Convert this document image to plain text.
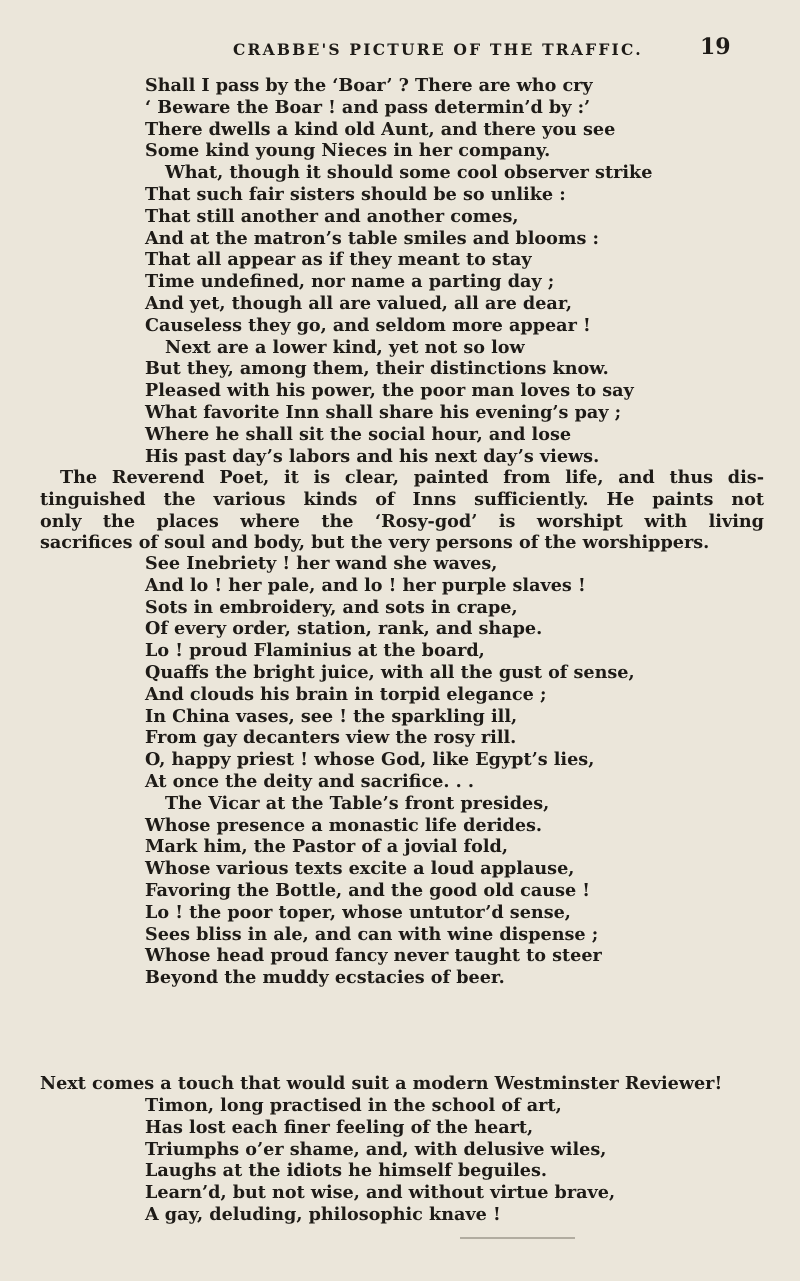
CRABBE'S PICTURE OF THE TRAFFIC.	19
Shall I pass by the ‘Boar’ ? There are who cry
‘ Beware the Boar ! and pass determin’d by :’
There dwells a kind old Aunt, and there you see
Some kind young Nieces in her company.
What, though it should some cool observer strike
That such fair sisters should be so unlike :
That still another and another comes,
And at the matron’s table smiles and blooms :
That all appear as if they meant to stay
Time undefined, nor name a parting day ;
And yet, though all are valued, all are dear,
Causeless they go, and seldom more appear !
Next are a lower kind, yet not so low
But they, among them, their distinctions know.
Pleased with his power, the poor man loves to say
What favorite Inn shall share his evening’s pay ;
Where he shall sit the social hour, and lose
His past day’s labors and his next day’s views.
The Reverend Poet, it is clear, painted from life, and thus dis-
tinguished the various kinds of Inns sufficiently. He paints not
only the places where the ‘Rosy-god’ is worshipt with living
sacrifices of soul and body, but the very persons of the worshippers.
See Inebriety ! her wand she waves,
And lo ! her pale, and lo ! her purple slaves !
Sots in embroidery, and sots in crape,
Of every order, station, rank, and shape.
Lo ! proud Flaminius at the board,
Quaffs the bright juice, with all the gust of sense,
And clouds his brain in torpid elegance ;
In China vases, see ! the sparkling ill,
From gay decanters view the rosy rill.
O, happy priest ! whose God, like Egypt’s lies,
At once the deity and sacrifice. . .
The Vicar at the Table’s front presides,
Whose presence a monastic life derides.
Mark him, the Pastor of a jovial fold,
Whose various texts excite a loud applause,
Favoring the Bottle, and the good old cause !
Lo ! the poor toper, whose untutor’d sense,
Sees bliss in ale, and can with wine dispense ;
Whose head proud fancy never taught to steer
Beyond the muddy ecstacies of beer.
Next comes a touch that would suit a modern Westminster Reviewer!
Timon, long practised in the school of art,
Has lost each finer feeling of the heart,
Triumphs o’er shame, and, with delusive wiles,
Laughs at the idiots he himself beguiles.
Learn’d, but not wise, and without virtue brave,
A gay, deluding, philosophic knave !
